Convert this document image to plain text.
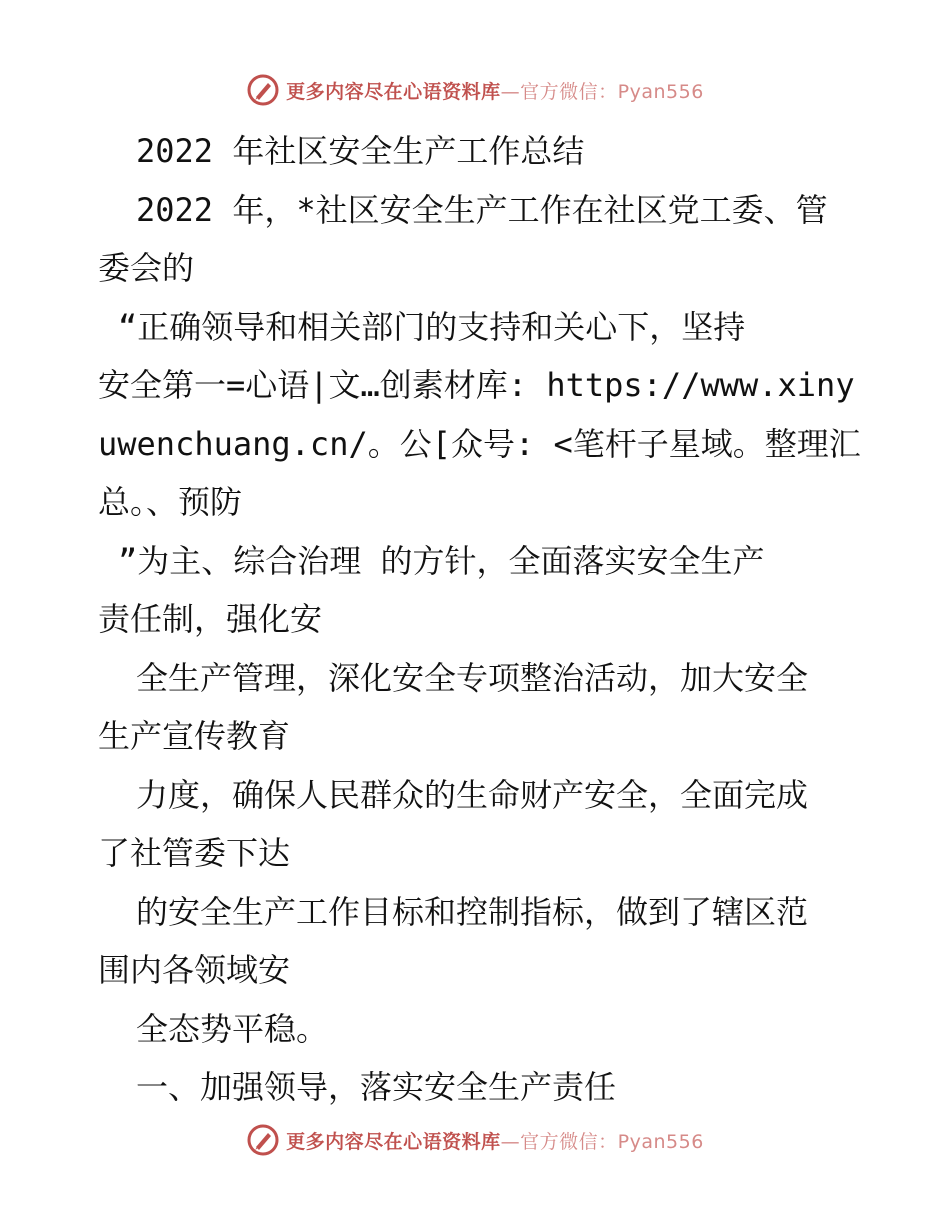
更多内容尽在心语资料库—官方微信：Pyan556
2022 年社区安全生产工作总结
2022 年，*社区安全生产工作在社区党工委、管
委会的
“正确领导和相关部门的支持和关心下，坚持
安全第一=心语|文…创素材库: https://www.xiny
uwenchuang.cn/。公[众号: <笔杆子星域。整理汇
总。、预防
”为主、综合治理 的方针，全面落实安全生产
责任制，强化安
全生产管理，深化安全专项整治活动，加大安全
生产宣传教育
力度，确保人民群众的生命财产安全，全面完成
了社管委下达
的安全生产工作目标和控制指标，做到了辖区范
围内各领域安
全态势平稳。
一、加强领导，落实安全生产责任
更多内容尽在心语资料库—官方微信：Pyan556
